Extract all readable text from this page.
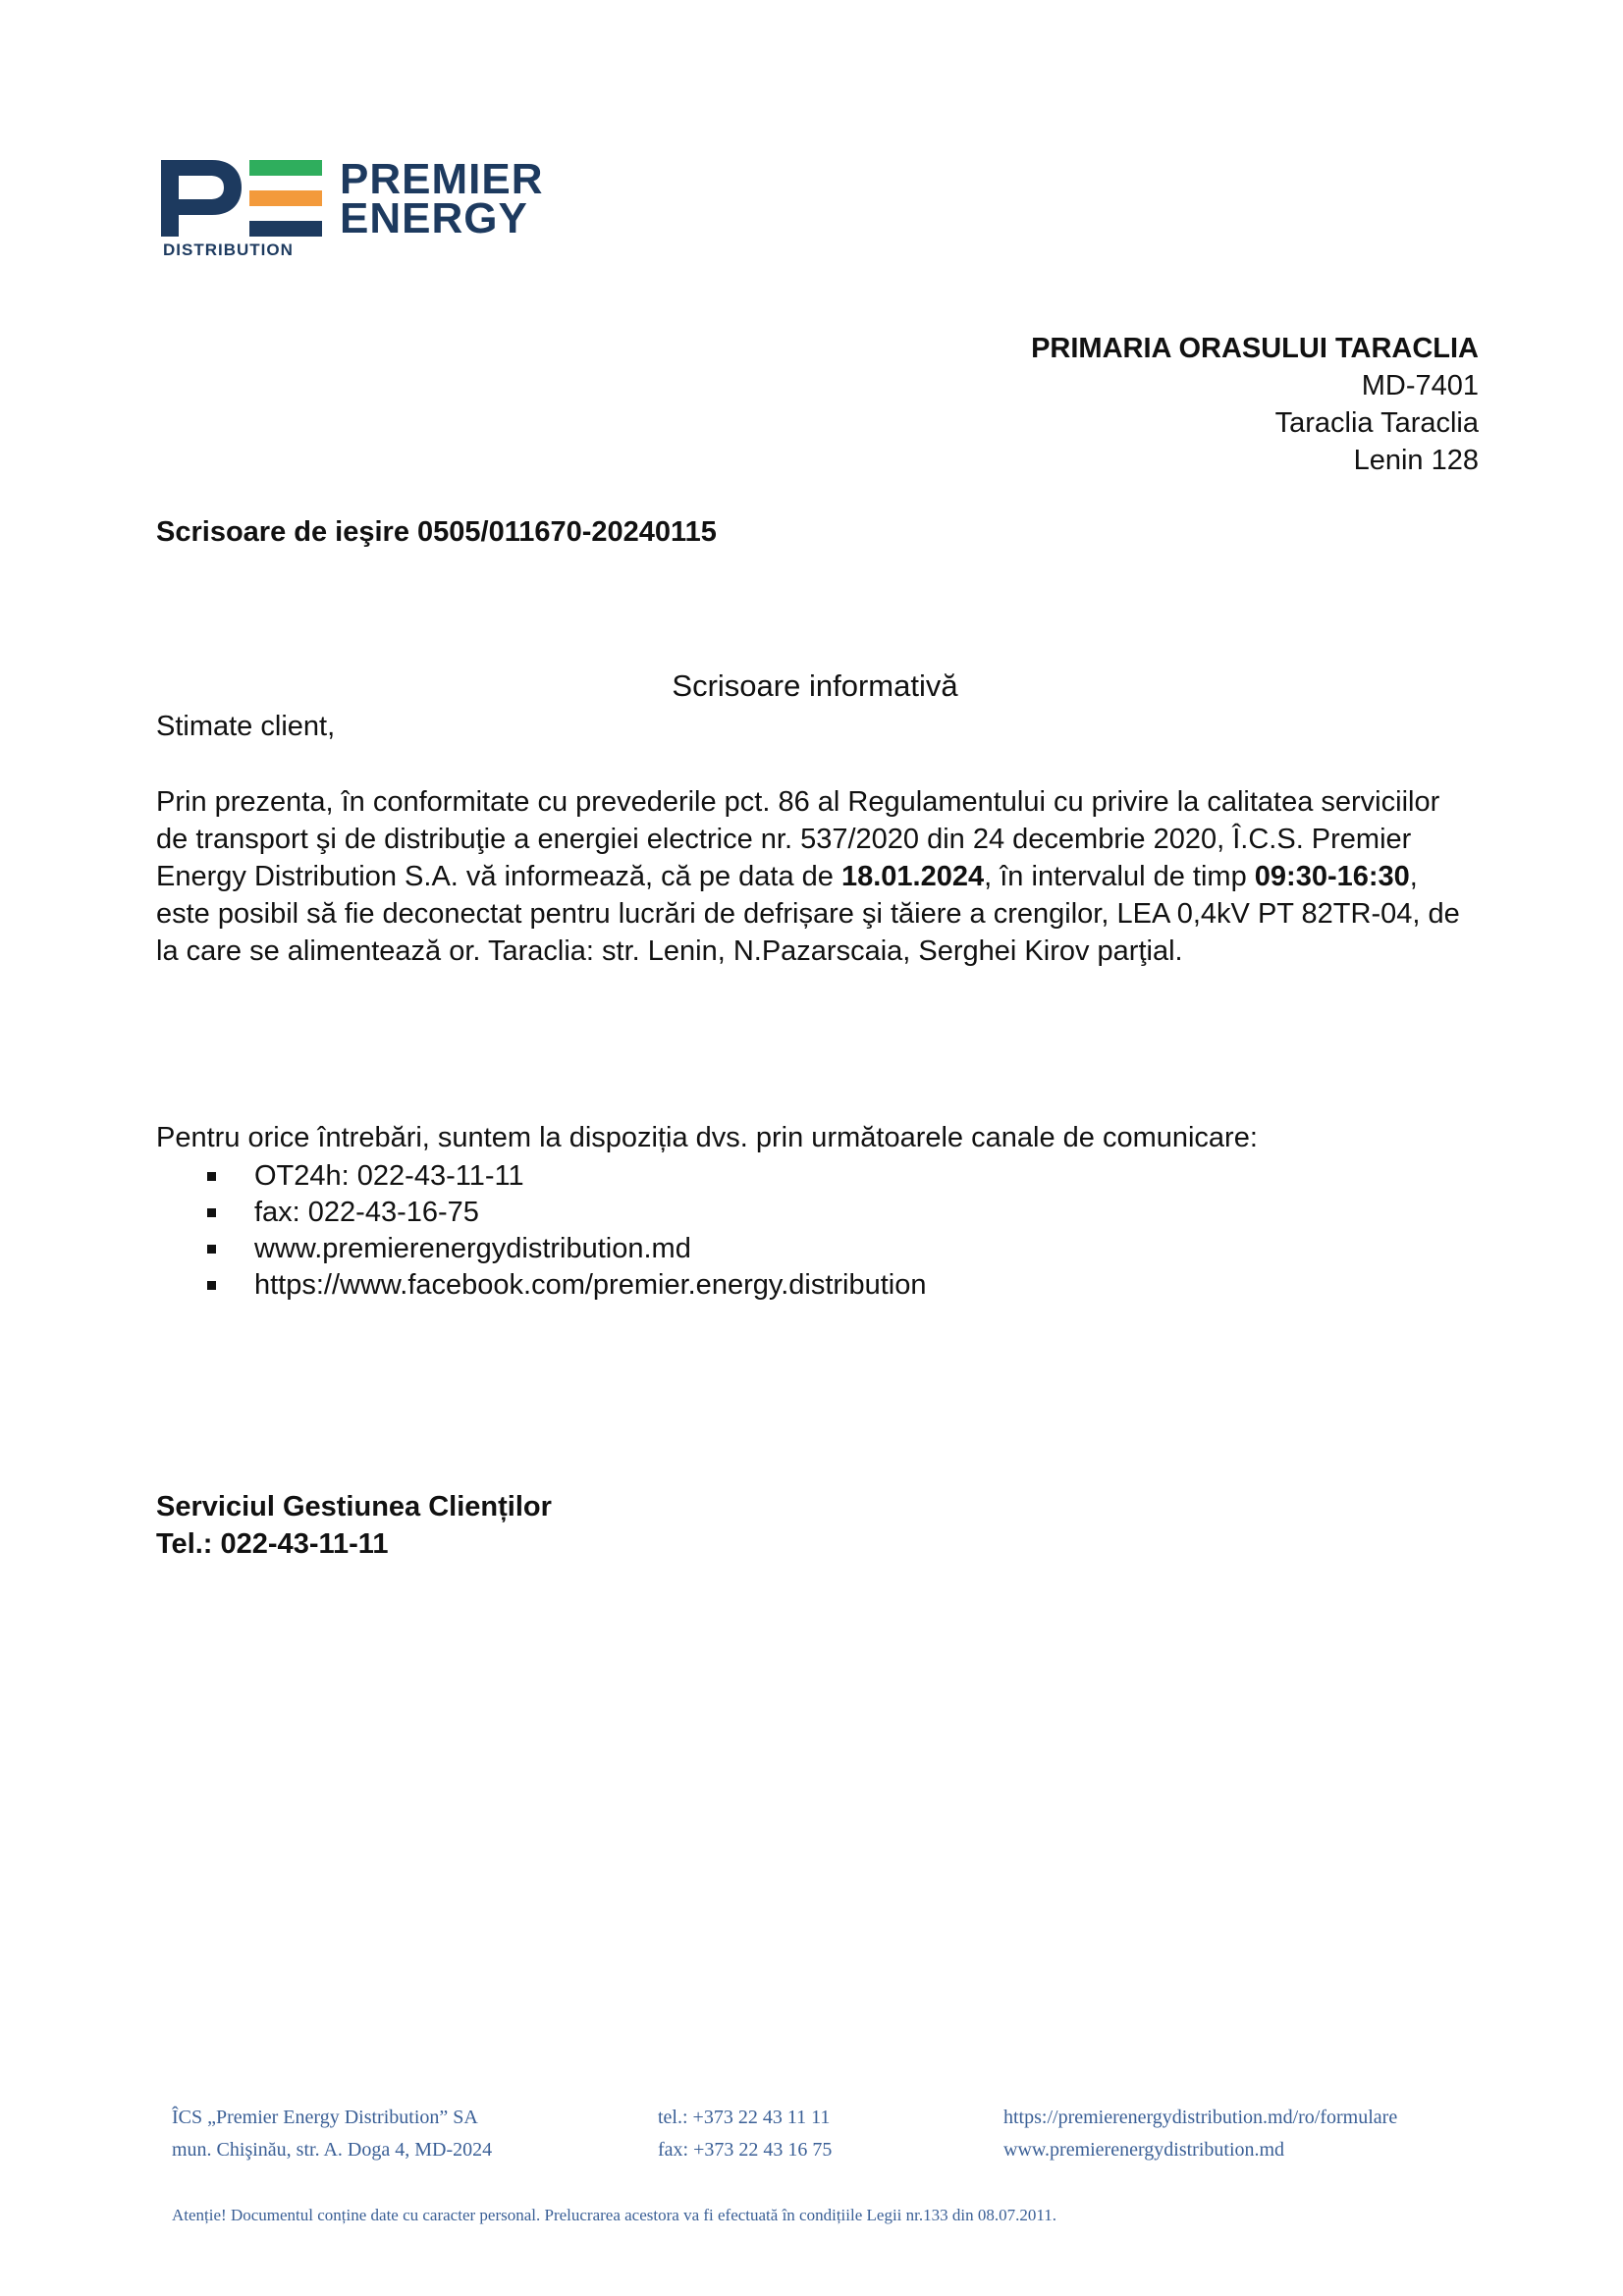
PREMIER
ENERGY
DISTRIBUTION
PRIMARIA ORASULUI TARACLIA
MD-7401
Taraclia Taraclia
Lenin 128
Scrisoare de ieşire 0505/011670-20240115
Scrisoare informativă
Stimate client,
Prin prezenta, în conformitate cu prevederile pct. 86 al Regulamentului cu privire la calitatea serviciilor de transport şi de distribuţie a energiei electrice nr. 537/2020 din 24 decembrie 2020, Î.C.S. Premier Energy Distribution S.A. vă informează, că pe data de 18.01.2024, în intervalul de timp 09:30-16:30, este posibil să fie deconectat pentru lucrări de defrișare şi tăiere a crengilor, LEA 0,4kV PT 82TR-04, de la care se alimentează or. Taraclia: str. Lenin, N.Pazarscaia, Serghei Kirov parţial.
Pentru orice întrebări, suntem la dispoziția dvs. prin următoarele canale de comunicare:
OT24h: 022-43-11-11
fax: 022-43-16-75
www.premierenergydistribution.md
https://www.facebook.com/premier.energy.distribution
Serviciul Gestiunea Clienților
Tel.: 022-43-11-11
ÎCS „Premier Energy Distribution” SA
mun. Chişinău, str. A. Doga 4, MD-2024
tel.: +373 22 43 11 11
fax: +373 22 43 16 75
https://premierenergydistribution.md/ro/formulare
www.premierenergydistribution.md
Atenție! Documentul conține date cu caracter personal. Prelucrarea acestora va fi efectuată în condițiile Legii nr.133 din 08.07.2011.
